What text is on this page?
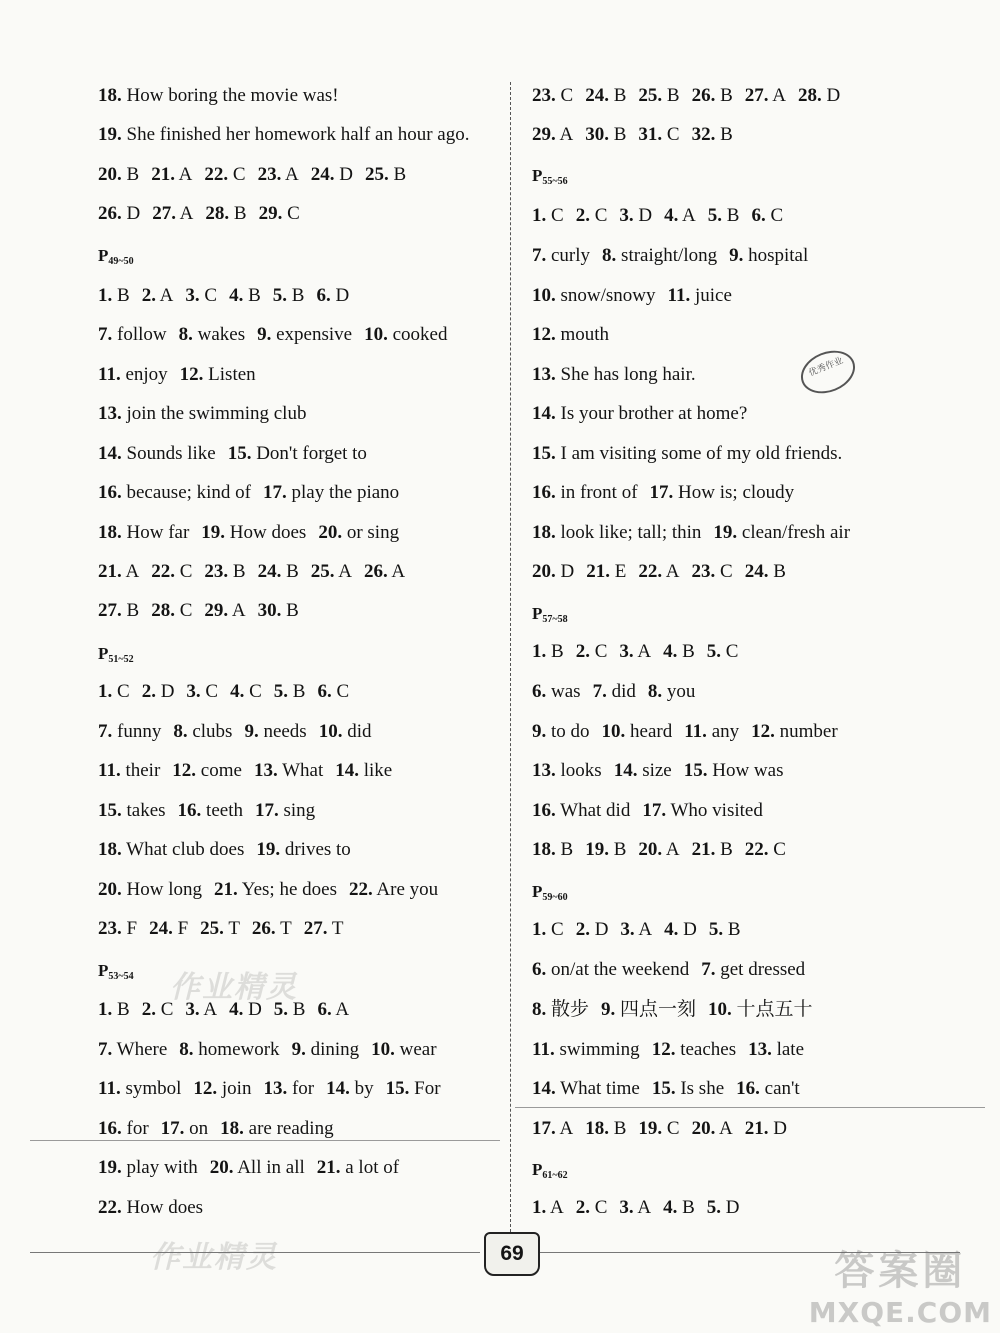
18. How boring the movie was!
19. She finished her homework half an hour ago.
20. B 21. A 22. C 23. A 24. D 25. B
26. D 27. A 28. B 29. C
$P_{49\sim 50}$
1. B 2. A 3. C 4. B 5. B 6. D
7. follow 8. wakes 9. expensive 10. cooked
11. enjoy 12. Listen
13. join the swimming club
14. Sounds like 15. Don't forget to
16. because; kind of 17. play the piano
18. How far 19. How does 20. or sing
21. A 22. C 23. B 24. B 25. A 26. A
27. B 28. C 29. A 30. B
$P_{51\sim 52}$
1. C 2. D 3. C 4. C 5. B 6. C
7. funny 8. clubs 9. needs 10. did
11. their 12. come 13. What 14. like
15. takes 16. teeth 17. sing
18. What club does 19. drives to
20. How long 21. Yes; he does 22. Are you
23. F 24. F 25. T 26. T 27. T
$P_{53\sim 54}$
1. B 2. C 3. A 4. D 5. B 6. A
7. Where 8. homework 9. dining 10. wear
11. symbol 12. join 13. for 14. by 15. For
16. for 17. on 18. are reading
19. play with 20. All in all 21. a lot of
22. How does
23. C 24. B 25. B 26. B 27. A 28. D
29. A 30. B 31. C 32. B
$P_{55\sim 56}$
1. C 2. C 3. D 4. A 5. B 6. C
7. curly 8. straight/long 9. hospital
10. snow/snowy 11. juice
12. mouth
13. She has long hair.
14. Is your brother at home?
15. I am visiting some of my old friends.
16. in front of 17. How is; cloudy
18. look like; tall; thin 19. clean/fresh air
20. D 21. E 22. A 23. C 24. B
$P_{57\sim 58}$
1. B 2. C 3. A 4. B 5. C
6. was 7. did 8. you
9. to do 10. heard 11. any 12. number
13. looks 14. size 15. How was
16. What did 17. Who visited
18. B 19. B 20. A 21. B 22. C
$P_{59\sim 60}$
1. C 2. D 3. A 4. D 5. B
6. on/at the weekend 7. get dressed
8. 散步 9. 四点一刻 10. 十点五十
11. swimming 12. teaches 13. late
14. What time 15. Is she 16. can't
17. A 18. B 19. C 20. A 21. D
$P_{61\sim 62}$
1. A 2. C 3. A 4. B 5. D
作业精灵
作业精灵
优秀作业
69	答案圈
MXQE.COM
